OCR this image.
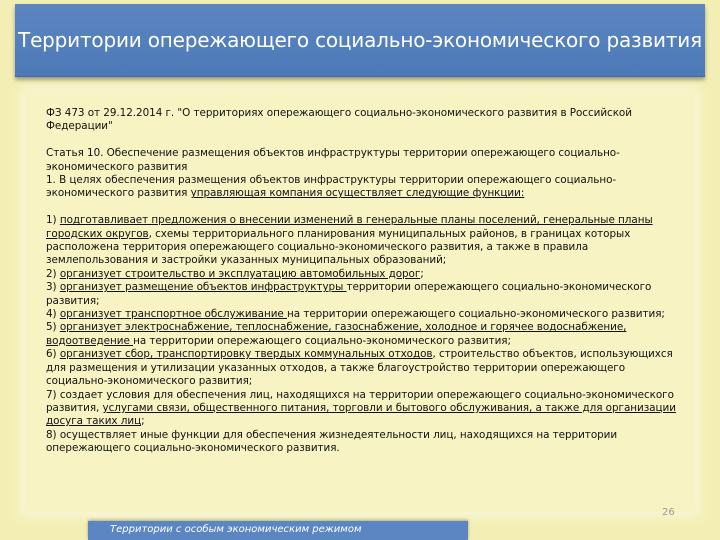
Территории опережающего социально-экономического развития

ФЗ 473 от 29.12.2014 г. "О территориях опережающего социально-экономического развития в Российской Федерации"

Статья 10. Обеспечение размещения объектов инфраструктуры территории опережающего социально-экономического развития

1. В целях обеспечения размещения объектов инфраструктуры территории опережающего социально-экономического развития управляющая компания осуществляет следующие функции:

1) подготавливает предложения о внесении изменений в генеральные планы поселений, генеральные планы городских округов, схемы территориального планирования муниципальных районов, в границах которых расположена территория опережающего социально-экономического развития, а также в правила землепользования и застройки указанных муниципальных образований;

2) организует строительство и эксплуатацию автомобильных дорог;

3) организует размещение объектов инфраструктуры территории опережающего социально-экономического развития;

4) организует транспортное обслуживание на территории опережающего социально-экономического развития;

5) организует электроснабжение, теплоснабжение, газоснабжение, холодное и горячее водоснабжение, водоотведение на территории опережающего социально-экономического развития;

6) организует сбор, транспортировку твердых коммунальных отходов, строительство объектов, использующихся для размещения и утилизации указанных отходов, а также благоустройство территории опережающего социально-экономического развития;

7) создает условия для обеспечения лиц, находящихся на территории опережающего социально-экономического развития, услугами связи, общественного питания, торговли и бытового обслуживания, а также для организации досуга таких лиц;

8) осуществляет иные функции для обеспечения жизнедеятельности лиц, находящихся на территории опережающего социально-экономического развития.

26
Территории с особым экономическим режимом
